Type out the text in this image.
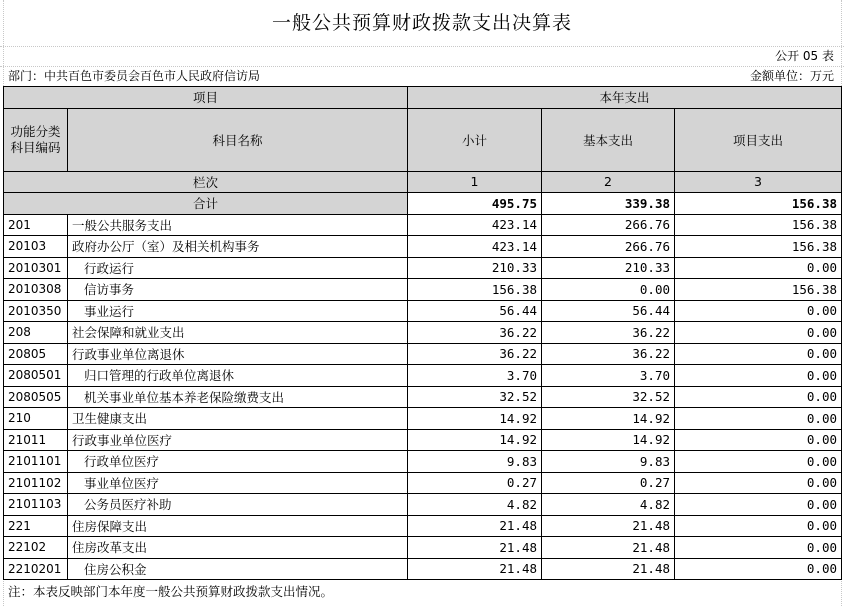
一般公共预算财政拨款支出决算表
公开 05 表
部门：中共百色市委员会百色市人民政府信访局	金额单位：万元
项目		本年支出		

功能分类科目编码	科目名称	小计	基本支出	项目支出
栏次		1	2	3
合计		495.75	339.38	156.38
201	一般公共服务支出	423.14	266.76	156.38
20103	政府办公厅（室）及相关机构事务	423.14	266.76	156.38
2010301	行政运行	210.33	210.33	0.00
2010308	信访事务	156.38	0.00	156.38
2010350	事业运行	56.44	56.44	0.00
208	社会保障和就业支出	36.22	36.22	0.00
20805	行政事业单位离退休	36.22	36.22	0.00
2080501	归口管理的行政单位离退休	3.70	3.70	0.00
2080505	机关事业单位基本养老保险缴费支出	32.52	32.52	0.00
210	卫生健康支出	14.92	14.92	0.00
21011	行政事业单位医疗	14.92	14.92	0.00
2101101	行政单位医疗	9.83	9.83	0.00
2101102	事业单位医疗	0.27	0.27	0.00
2101103	公务员医疗补助	4.82	4.82	0.00
221	住房保障支出	21.48	21.48	0.00
22102	住房改革支出	21.48	21.48	0.00
2210201	住房公积金	21.48	21.48	0.00
注：本表反映部门本年度一般公共预算财政拨款支出情况。
